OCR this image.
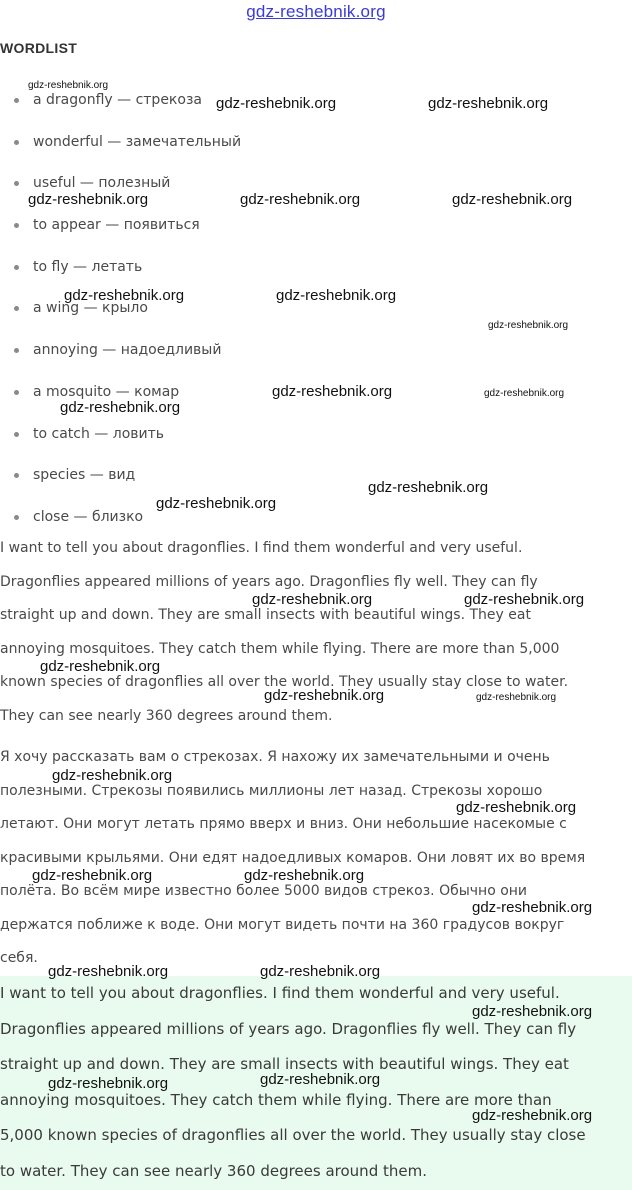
gdz-reshebnik.org
WORDLIST
a dragonfly — стрекоза
wonderful — замечательный
useful — полезный
to appear — появиться
to fly — летать
a wing — крыло
annoying — надоедливый
a mosquito — комар
to catch — ловить
species — вид
close — близко
I want to tell you about dragonflies. I find them wonderful and very useful.
Dragonflies appeared millions of years ago. Dragonflies fly well. They can fly
straight up and down. They are small insects with beautiful wings. They eat
annoying mosquitoes. They catch them while flying. There are more than 5,000
known species of dragonflies all over the world. They usually stay close to water.
They can see nearly 360 degrees around them.
Я хочу рассказать вам о стрекозах. Я нахожу их замечательными и очень
полезными. Стрекозы появились миллионы лет назад. Стрекозы хорошо
летают. Они могут летать прямо вверх и вниз. Они небольшие насекомые с
красивыми крыльями. Они едят надоедливых комаров. Они ловят их во время
полёта. Во всём мире известно более 5000 видов стрекоз. Обычно они
держатся поближе к воде. Они могут видеть почти на 360 градусов вокруг
себя.
I want to tell you about dragonflies. I find them wonderful and very useful.
Dragonflies appeared millions of years ago. Dragonflies fly well. They can fly
straight up and down. They are small insects with beautiful wings. They eat
annoying mosquitoes. They catch them while flying. There are more than
5,000 known species of dragonflies all over the world. They usually stay close
to water. They can see nearly 360 degrees around them.
gdz-reshebnik.org
gdz-reshebnik.org	gdz-reshebnik.org
gdz-reshebnik.org	gdz-reshebnik.org	gdz-reshebnik.org
gdz-reshebnik.org	gdz-reshebnik.org
gdz-reshebnik.org
gdz-reshebnik.org	gdz-reshebnik.org
gdz-reshebnik.org
gdz-reshebnik.org
gdz-reshebnik.org
gdz-reshebnik.org	gdz-reshebnik.org
gdz-reshebnik.org
gdz-reshebnik.org	gdz-reshebnik.org
gdz-reshebnik.org
gdz-reshebnik.org
gdz-reshebnik.org	gdz-reshebnik.org
gdz-reshebnik.org
gdz-reshebnik.org	gdz-reshebnik.org
gdz-reshebnik.org
gdz-reshebnik.org
gdz-reshebnik.org
gdz-reshebnik.org
